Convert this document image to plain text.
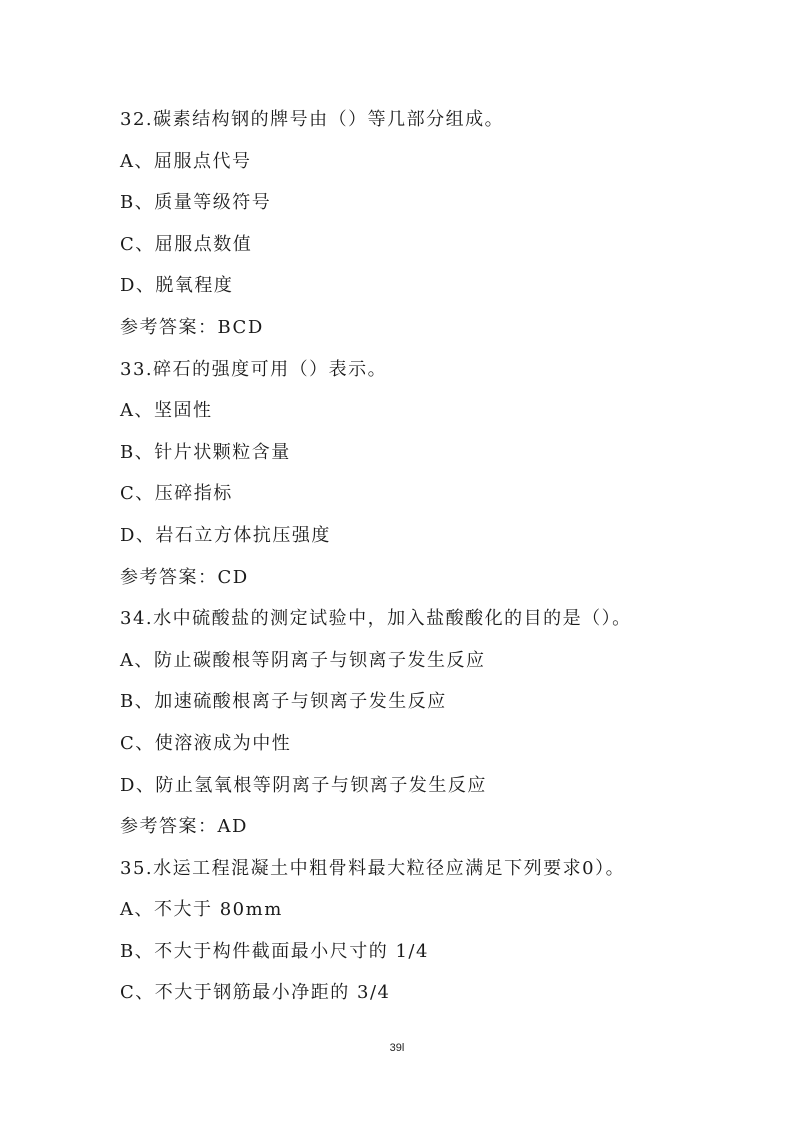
32.碳素结构钢的牌号由（）等几部分组成。
A、屈服点代号
B、质量等级符号
C、屈服点数值
D、脱氧程度
参考答案：BCD
33.碎石的强度可用（）表示。
A、坚固性
B、针片状颗粒含量
C、压碎指标
D、岩石立方体抗压强度
参考答案：CD
34.水中硫酸盐的测定试验中，加入盐酸酸化的目的是（）。
A、防止碳酸根等阴离子与钡离子发生反应
B、加速硫酸根离子与钡离子发生反应
C、使溶液成为中性
D、防止氢氧根等阴离子与钡离子发生反应
参考答案：AD
35.水运工程混凝土中粗骨料最大粒径应满足下列要求0）。
A、不大于 80mm
B、不大于构件截面最小尺寸的 1/4
C、不大于钢筋最小净距的 3/4
39l
